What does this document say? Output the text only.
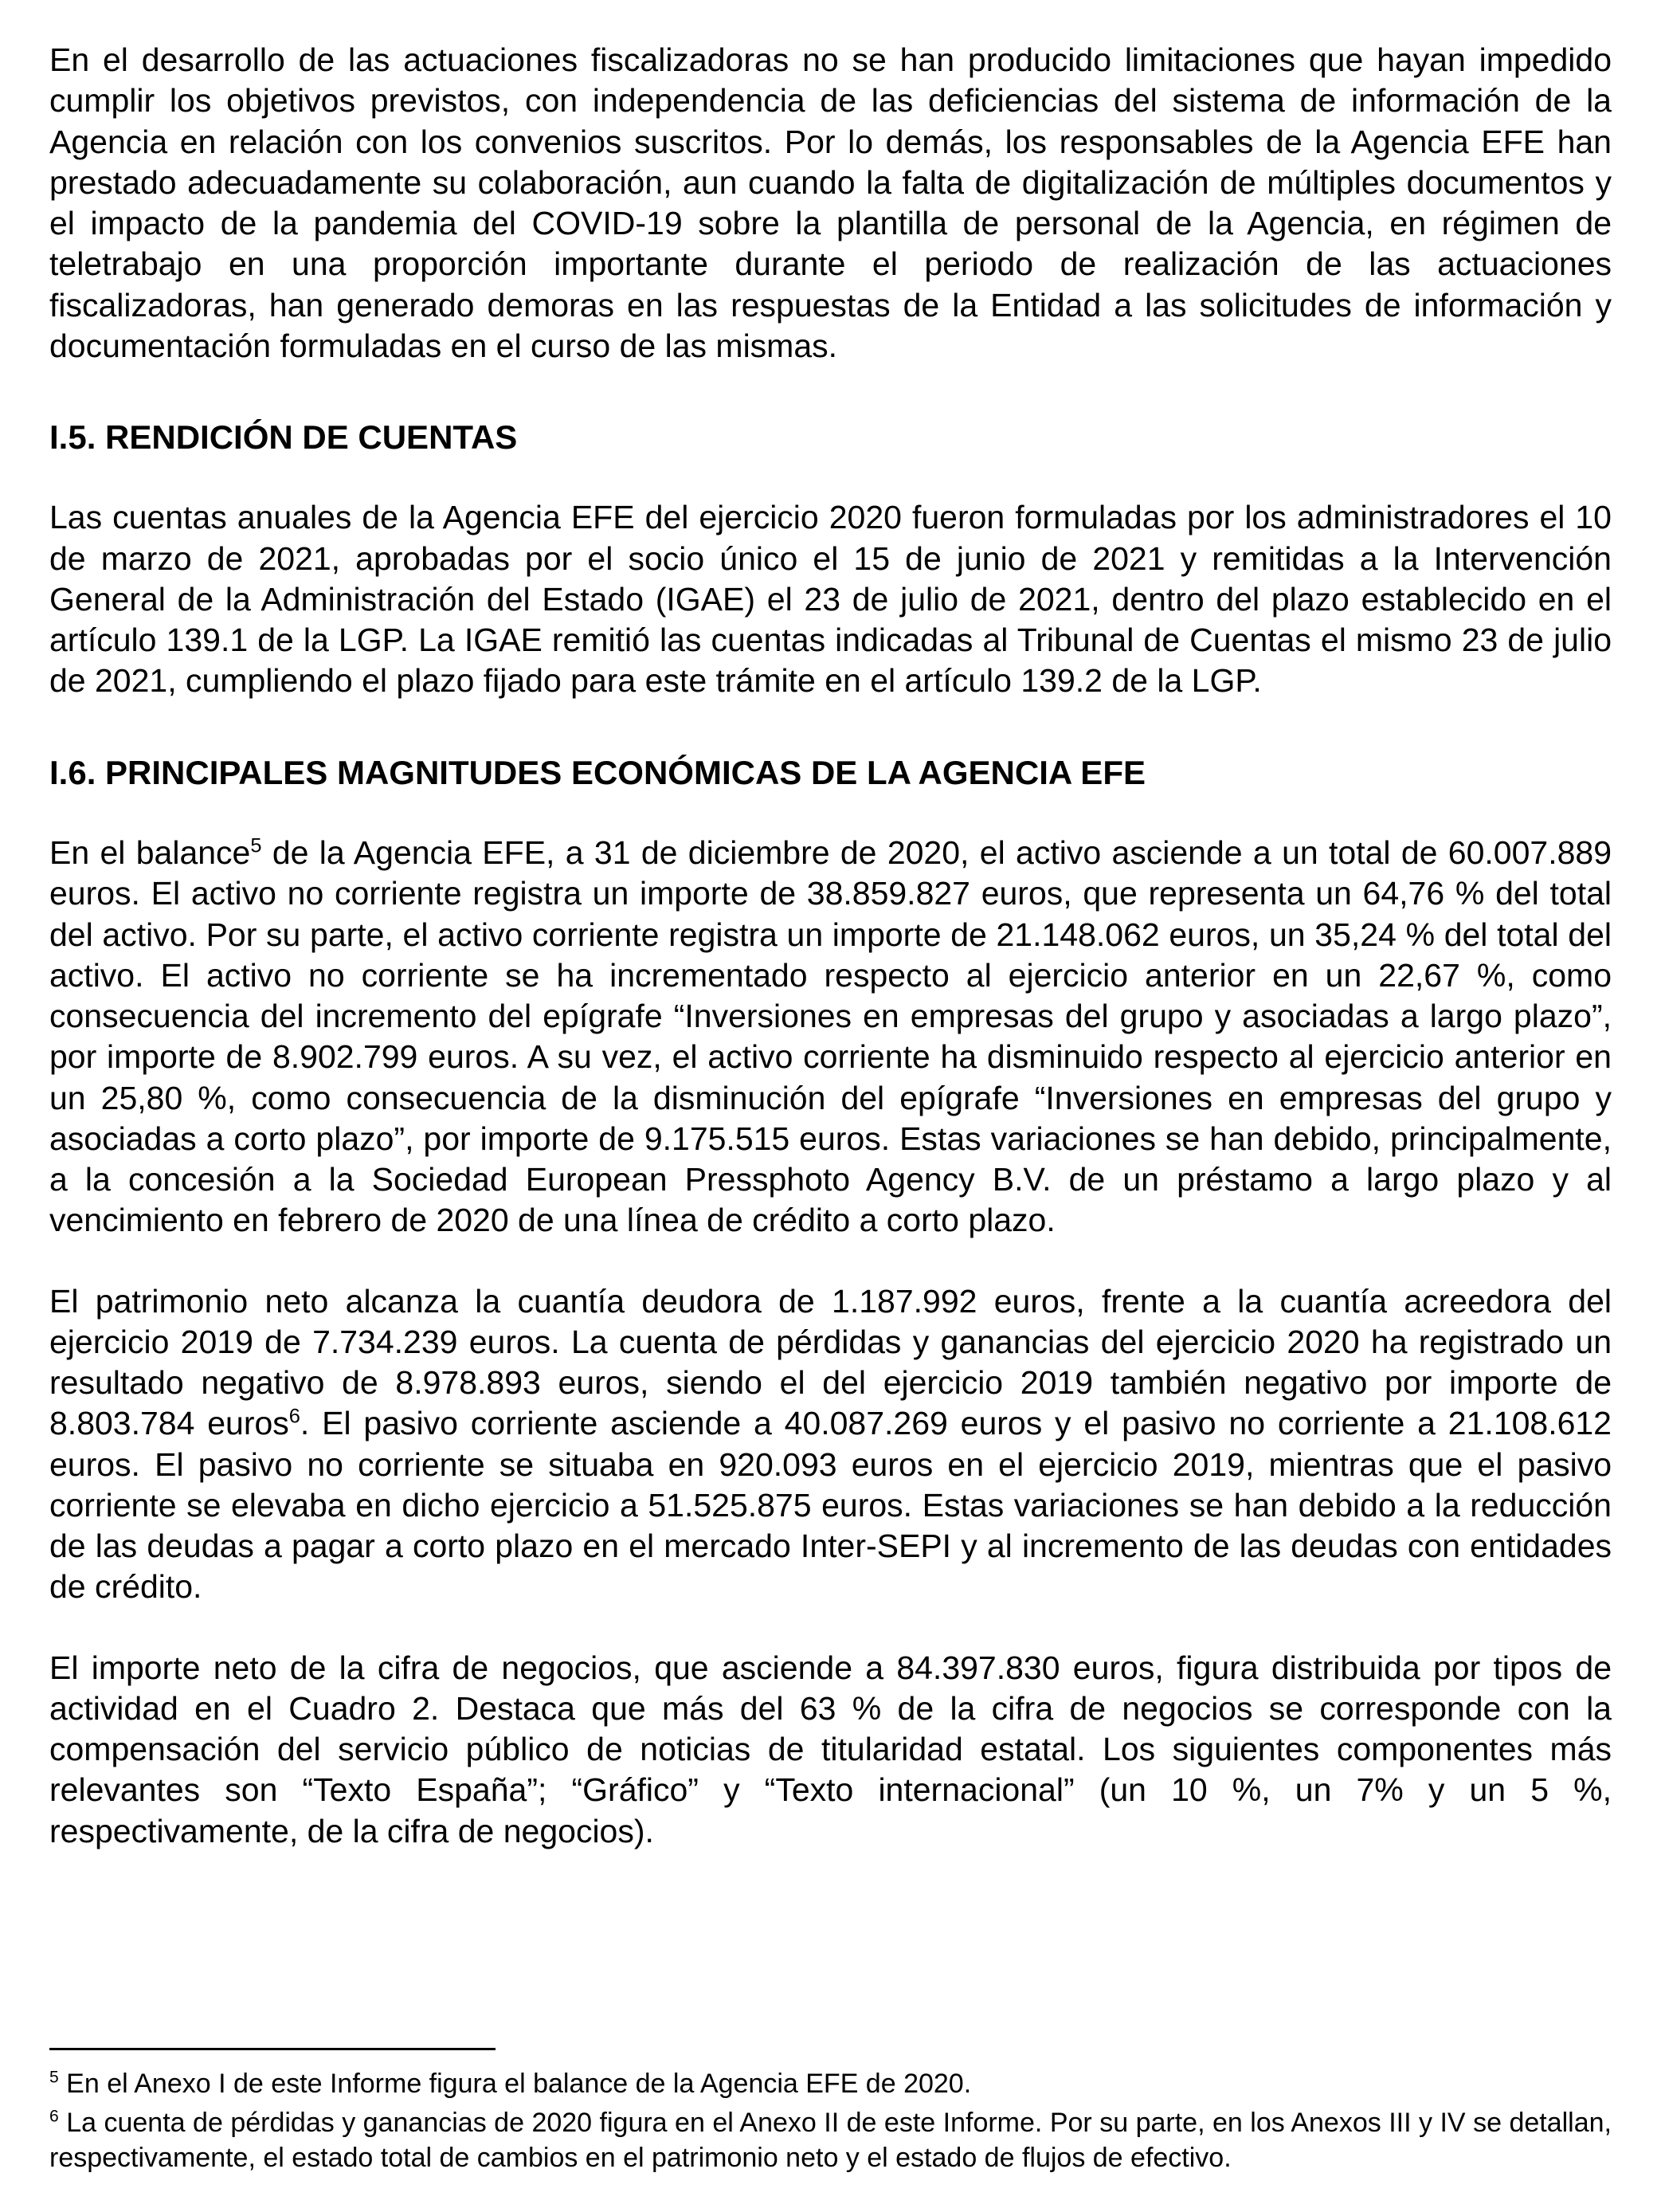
En el desarrollo de las actuaciones fiscalizadoras no se han producido limitaciones que hayan impedido cumplir los objetivos previstos, con independencia de las deficiencias del sistema de información de la Agencia en relación con los convenios suscritos. Por lo demás, los responsables de la Agencia EFE han prestado adecuadamente su colaboración, aun cuando la falta de digitalización de múltiples documentos y el impacto de la pandemia del COVID-19 sobre la plantilla de personal de la Agencia, en régimen de teletrabajo en una proporción importante durante el periodo de realización de las actuaciones fiscalizadoras, han generado demoras en las respuestas de la Entidad a las solicitudes de información y documentación formuladas en el curso de las mismas.

I.5. RENDICIÓN DE CUENTAS

Las cuentas anuales de la Agencia EFE del ejercicio 2020 fueron formuladas por los administradores el 10 de marzo de 2021, aprobadas por el socio único el 15 de junio de 2021 y remitidas a la Intervención General de la Administración del Estado (IGAE) el 23 de julio de 2021, dentro del plazo establecido en el artículo 139.1 de la LGP. La IGAE remitió las cuentas indicadas al Tribunal de Cuentas el mismo 23 de julio de 2021, cumpliendo el plazo fijado para este trámite en el artículo 139.2 de la LGP.

I.6. PRINCIPALES MAGNITUDES ECONÓMICAS DE LA AGENCIA EFE

En el balance$^5$ de la Agencia EFE, a 31 de diciembre de 2020, el activo asciende a un total de 60.007.889 euros. El activo no corriente registra un importe de 38.859.827 euros, que representa un 64,76 % del total del activo. Por su parte, el activo corriente registra un importe de 21.148.062 euros, un 35,24 % del total del activo. El activo no corriente se ha incrementado respecto al ejercicio anterior en un 22,67 %, como consecuencia del incremento del epígrafe “Inversiones en empresas del grupo y asociadas a largo plazo”, por importe de 8.902.799 euros. A su vez, el activo corriente ha disminuido respecto al ejercicio anterior en un 25,80 %, como consecuencia de la disminución del epígrafe “Inversiones en empresas del grupo y asociadas a corto plazo”, por importe de 9.175.515 euros. Estas variaciones se han debido, principalmente, a la concesión a la Sociedad European Pressphoto Agency B.V. de un préstamo a largo plazo y al vencimiento en febrero de 2020 de una línea de crédito a corto plazo.

El patrimonio neto alcanza la cuantía deudora de 1.187.992 euros, frente a la cuantía acreedora del ejercicio 2019 de 7.734.239 euros. La cuenta de pérdidas y ganancias del ejercicio 2020 ha registrado un resultado negativo de 8.978.893 euros, siendo el del ejercicio 2019 también negativo por importe de 8.803.784 euros$^6$. El pasivo corriente asciende a 40.087.269 euros y el pasivo no corriente a 21.108.612 euros. El pasivo no corriente se situaba en 920.093 euros en el ejercicio 2019, mientras que el pasivo corriente se elevaba en dicho ejercicio a 51.525.875 euros. Estas variaciones se han debido a la reducción de las deudas a pagar a corto plazo en el mercado Inter-SEPI y al incremento de las deudas con entidades de crédito.

El importe neto de la cifra de negocios, que asciende a 84.397.830 euros, figura distribuida por tipos de actividad en el Cuadro 2. Destaca que más del 63 % de la cifra de negocios se corresponde con la compensación del servicio público de noticias de titularidad estatal. Los siguientes componentes más relevantes son “Texto España”; “Gráfico” y “Texto internacional” (un 10 %, un 7% y un 5 %, respectivamente, de la cifra de negocios).

$^5$ En el Anexo I de este Informe figura el balance de la Agencia EFE de 2020.

$^6$ La cuenta de pérdidas y ganancias de 2020 figura en el Anexo II de este Informe. Por su parte, en los Anexos III y IV se detallan, respectivamente, el estado total de cambios en el patrimonio neto y el estado de flujos de efectivo.
